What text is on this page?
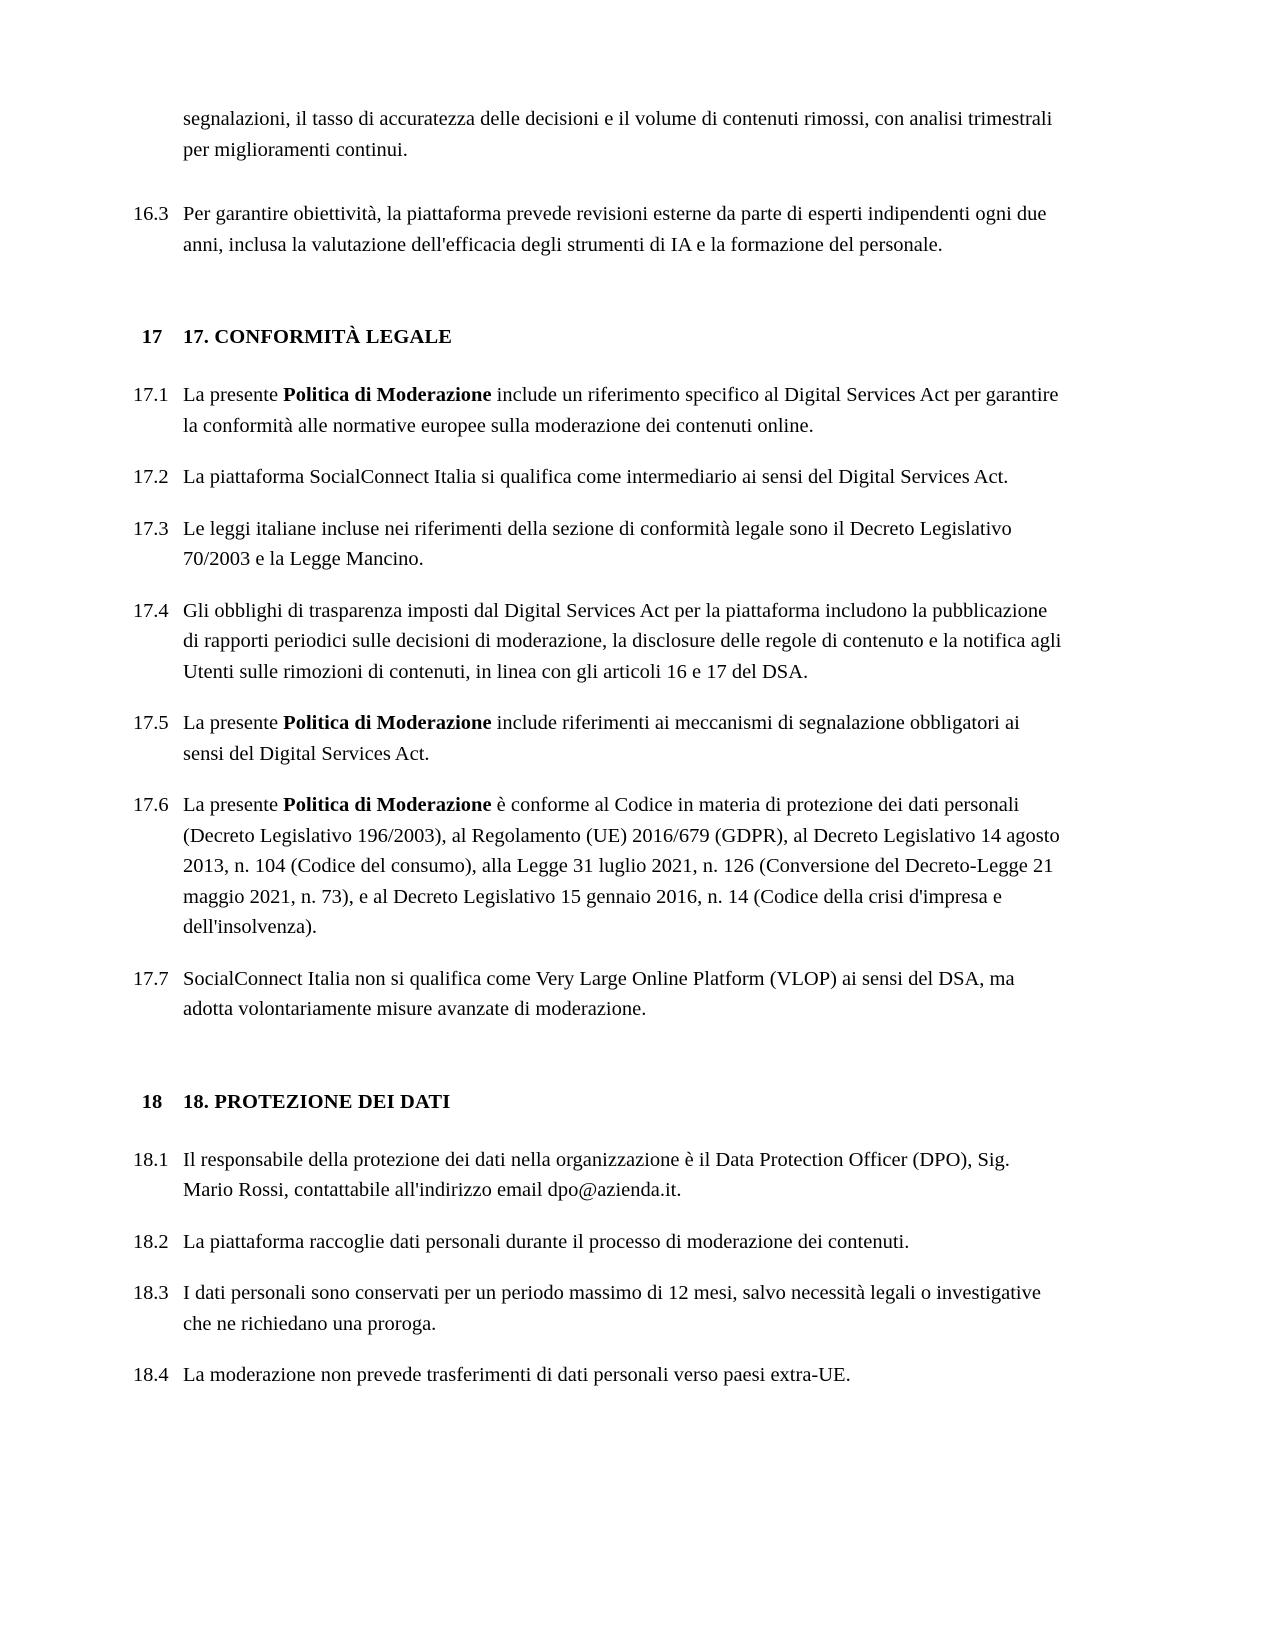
segnalazioni, il tasso di accuratezza delle decisioni e il volume di contenuti rimossi, con analisi trimestrali per miglioramenti continui.
16.3 Per garantire obiettività, la piattaforma prevede revisioni esterne da parte di esperti indipendenti ogni due anni, inclusa la valutazione dell'efficacia degli strumenti di IA e la formazione del personale.
17	17. CONFORMITÀ LEGALE
17.1 La presente Politica di Moderazione include un riferimento specifico al Digital Services Act per garantire la conformità alle normative europee sulla moderazione dei contenuti online.
17.2 La piattaforma SocialConnect Italia si qualifica come intermediario ai sensi del Digital Services Act.
17.3 Le leggi italiane incluse nei riferimenti della sezione di conformità legale sono il Decreto Legislativo 70/2003 e la Legge Mancino.
17.4 Gli obblighi di trasparenza imposti dal Digital Services Act per la piattaforma includono la pubblicazione di rapporti periodici sulle decisioni di moderazione, la disclosure delle regole di contenuto e la notifica agli Utenti sulle rimozioni di contenuti, in linea con gli articoli 16 e 17 del DSA.
17.5 La presente Politica di Moderazione include riferimenti ai meccanismi di segnalazione obbligatori ai sensi del Digital Services Act.
17.6 La presente Politica di Moderazione è conforme al Codice in materia di protezione dei dati personali (Decreto Legislativo 196/2003), al Regolamento (UE) 2016/679 (GDPR), al Decreto Legislativo 14 agosto 2013, n. 104 (Codice del consumo), alla Legge 31 luglio 2021, n. 126 (Conversione del Decreto-Legge 21 maggio 2021, n. 73), e al Decreto Legislativo 15 gennaio 2016, n. 14 (Codice della crisi d'impresa e dell'insolvenza).
17.7 SocialConnect Italia non si qualifica come Very Large Online Platform (VLOP) ai sensi del DSA, ma adotta volontariamente misure avanzate di moderazione.
18	18. PROTEZIONE DEI DATI
18.1 Il responsabile della protezione dei dati nella organizzazione è il Data Protection Officer (DPO), Sig. Mario Rossi, contattabile all'indirizzo email dpo@azienda.it.
18.2 La piattaforma raccoglie dati personali durante il processo di moderazione dei contenuti.
18.3 I dati personali sono conservati per un periodo massimo di 12 mesi, salvo necessità legali o investigative che ne richiedano una proroga.
18.4 La moderazione non prevede trasferimenti di dati personali verso paesi extra-UE.
